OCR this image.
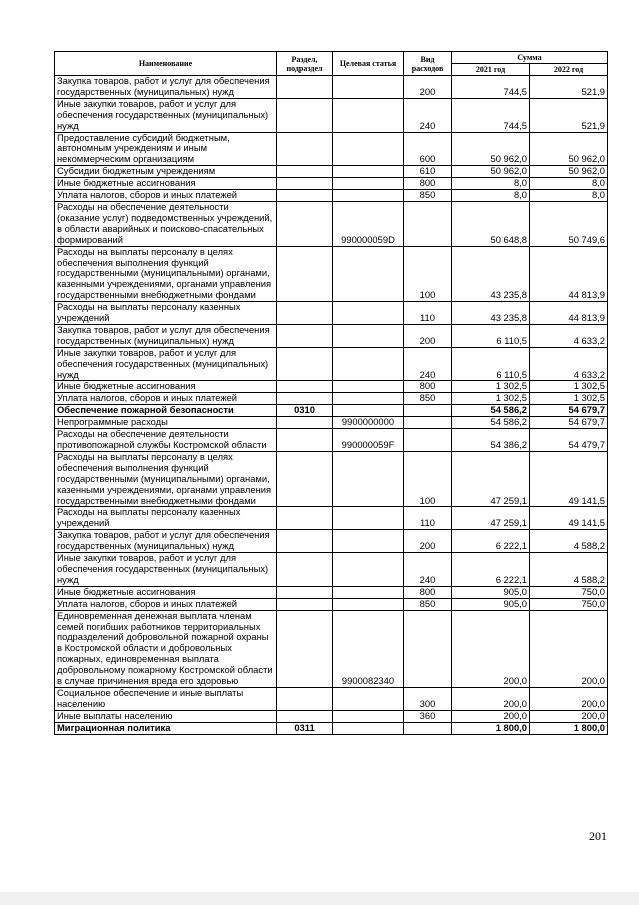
Наименование	Раздел, подраздел	Целевая статья	Вид расходов	Сумма	
				2021 год	2022 год
Закупка товаров, работ и услуг для обеспечения государственных (муниципальных) нужд			200	744,5	521,9
Иные закупки товаров, работ и услуг для обеспечения государственных (муниципальных) нужд			240	744,5	521,9
Предоставление субсидий бюджетным, автономным учреждениям и иным некоммерческим организациям			600	50 962,0	50 962,0
Субсидии бюджетным учреждениям			610	50 962,0	50 962,0
Иные бюджетные ассигнования			800	8,0	8,0
Уплата налогов, сборов и иных платежей			850	8,0	8,0
Расходы на обеспечение деятельности (оказание услуг) подведомственных учреждений, в области аварийных и поисково-спасательных формирований		990000059D		50 648,8	50 749,6
Расходы на выплаты персоналу в целях обеспечения выполнения функций государственными (муниципальными) органами, казенными учреждениями, органами управления государственными внебюджетными фондами			100	43 235,8	44 813,9
Расходы на выплаты персоналу казенных учреждений			110	43 235,8	44 813,9
Закупка товаров, работ и услуг для обеспечения государственных (муниципальных) нужд			200	6 110,5	4 633,2
Иные закупки товаров, работ и услуг для обеспечения государственных (муниципальных) нужд			240	6 110,5	4 633,2
Иные бюджетные ассигнования			800	1 302,5	1 302,5
Уплата налогов, сборов и иных платежей			850	1 302,5	1 302,5
Обеспечение пожарной безопасности	0310			54 586,2	54 679,7
Непрограммные расходы		9900000000		54 586,2	54 679,7
Расходы на обеспечение деятельности противопожарной службы Костромской области		990000059F		54 386,2	54 479,7
Расходы на выплаты персоналу в целях обеспечения выполнения функций государственными (муниципальными) органами, казенными учреждениями, органами управления государственными внебюджетными фондами			100	47 259,1	49 141,5
Расходы на выплаты персоналу казенных учреждений			110	47 259,1	49 141,5
Закупка товаров, работ и услуг для обеспечения государственных (муниципальных) нужд			200	6 222,1	4 588,2
Иные закупки товаров, работ и услуг для обеспечения государственных (муниципальных) нужд			240	6 222,1	4 588,2
Иные бюджетные ассигнования			800	905,0	750,0
Уплата налогов, сборов и иных платежей			850	905,0	750,0
Единовременная денежная выплата членам семей погибших работников территориальных подразделений добровольной пожарной охраны в Костромской области и добровольных пожарных, единовременная выплата добровольному пожарному Костромской области в случае причинения вреда его здоровью		9900082340		200,0	200,0
Социальное обеспечение и иные выплаты населению			300	200,0	200,0
Иные выплаты населению			360	200,0	200,0
Миграционная политика	0311			1 800,0	1 800,0
201
